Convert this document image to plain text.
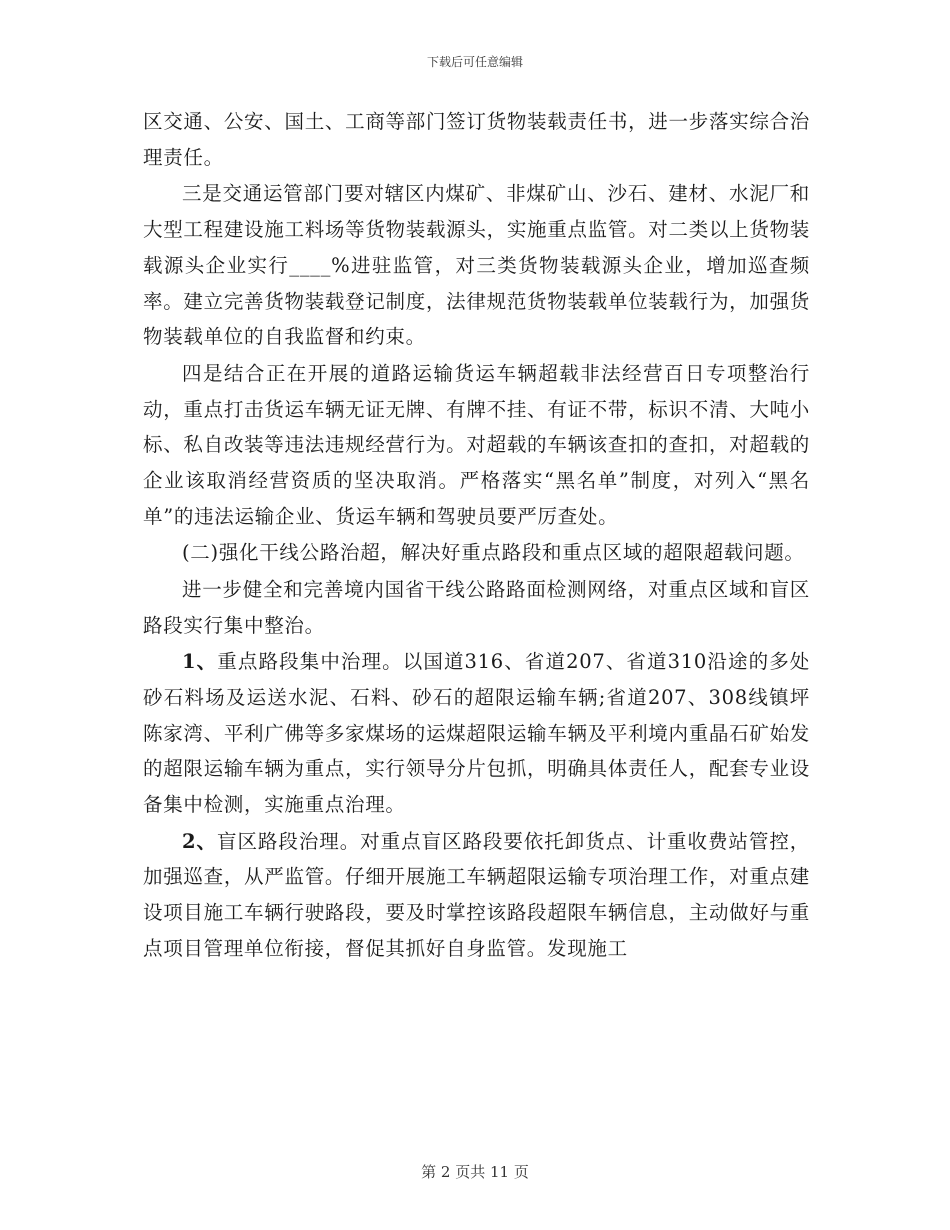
下载后可任意编辑

区交通、公安、国土、工商等部门签订货物装载责任书，进一步落实综合治理责任。

三是交通运管部门要对辖区内煤矿、非煤矿山、沙石、建材、水泥厂和大型工程建设施工料场等货物装载源头，实施重点监管。对二类以上货物装载源头企业实行____%进驻监管，对三类货物装载源头企业，增加巡查频率。建立完善货物装载登记制度，法律规范货物装载单位装载行为，加强货物装载单位的自我监督和约束。

四是结合正在开展的道路运输货运车辆超载非法经营百日专项整治行动，重点打击货运车辆无证无牌、有牌不挂、有证不带，标识不清、大吨小标、私自改装等违法违规经营行为。对超载的车辆该查扣的查扣，对超载的企业该取消经营资质的坚决取消。严格落实“黑名单”制度，对列入“黑名单”的违法运输企业、货运车辆和驾驶员要严厉查处。

(二)强化干线公路治超，解决好重点路段和重点区域的超限超载问题。

进一步健全和完善境内国省干线公路路面检测网络，对重点区域和盲区路段实行集中整治。

1、重点路段集中治理。以国道316、省道207、省道310沿途的多处砂石料场及运送水泥、石料、砂石的超限运输车辆;省道207、308线镇坪陈家湾、平利广佛等多家煤场的运煤超限运输车辆及平利境内重晶石矿始发的超限运输车辆为重点，实行领导分片包抓，明确具体责任人，配套专业设备集中检测，实施重点治理。

2、盲区路段治理。对重点盲区路段要依托卸货点、计重收费站管控，加强巡查，从严监管。仔细开展施工车辆超限运输专项治理工作，对重点建设项目施工车辆行驶路段，要及时掌控该路段超限车辆信息，主动做好与重点项目管理单位衔接，督促其抓好自身监管。发现施工

第 2 页共 11 页
